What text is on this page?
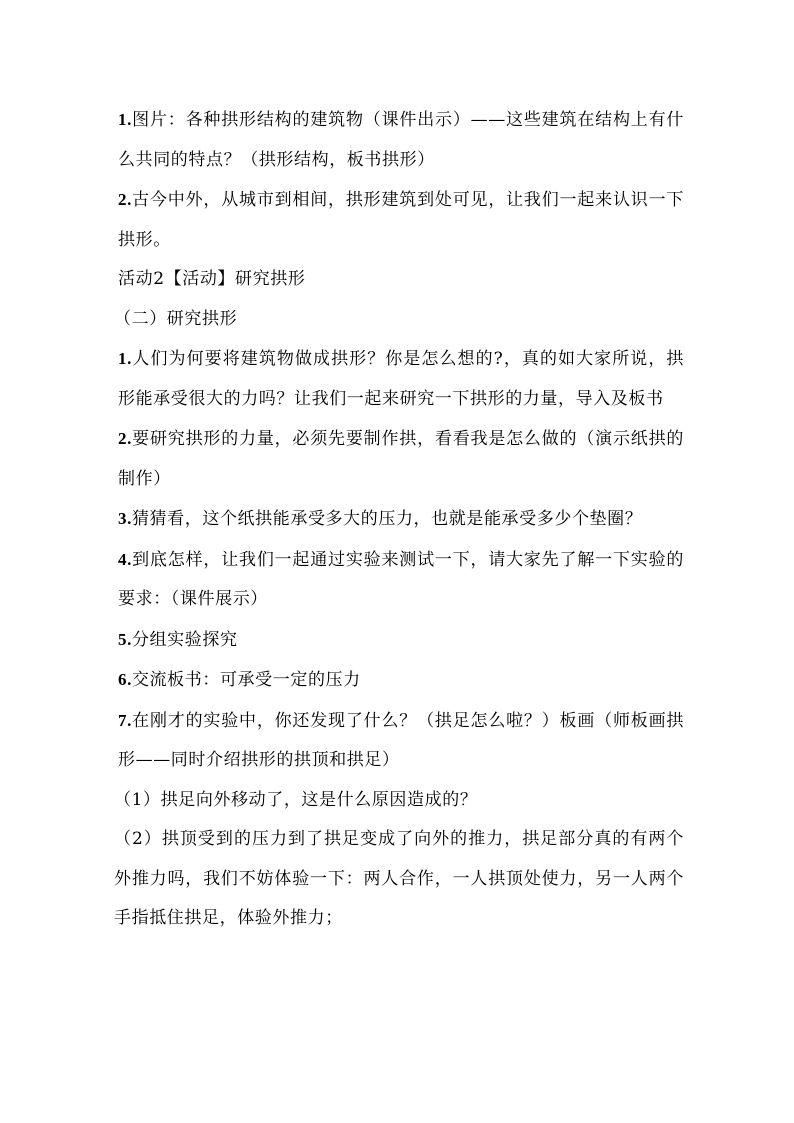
1.图片：各种拱形结构的建筑物（课件出示）——这些建筑在结构上有什么共同的特点？（拱形结构，板书拱形）

2.古今中外，从城市到相间，拱形建筑到处可见，让我们一起来认识一下拱形。

活动2【活动】研究拱形

（二）研究拱形

1.人们为何要将建筑物做成拱形？你是怎么想的?，真的如大家所说，拱形能承受很大的力吗？让我们一起来研究一下拱形的力量，导入及板书

2.要研究拱形的力量，必须先要制作拱，看看我是怎么做的（演示纸拱的制作）

3.猜猜看，这个纸拱能承受多大的压力，也就是能承受多少个垫圈？

4.到底怎样，让我们一起通过实验来测试一下，请大家先了解一下实验的要求：（课件展示）

5.分组实验探究

6.交流板书：可承受一定的压力

7.在刚才的实验中，你还发现了什么？（拱足怎么啦？）板画（师板画拱形——同时介绍拱形的拱顶和拱足）

（1）拱足向外移动了，这是什么原因造成的？

（2）拱顶受到的压力到了拱足变成了向外的推力，拱足部分真的有两个外推力吗，我们不妨体验一下：两人合作，一人拱顶处使力，另一人两个手指抵住拱足，体验外推力；
